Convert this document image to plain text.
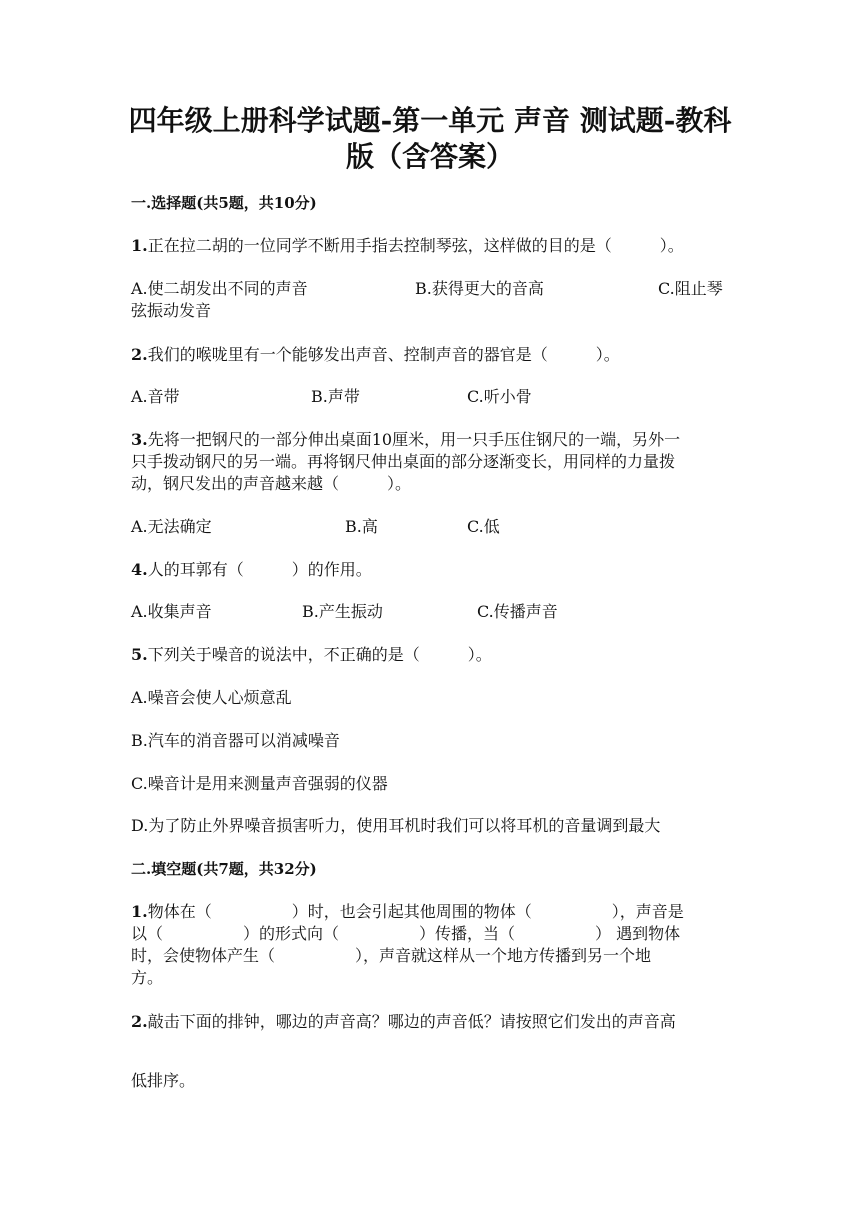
四年级上册科学试题-第一单元 声音 测试题-教科
版（含答案）
一.选择题(共5题，共10分)
1.正在拉二胡的一位同学不断用手指去控制琴弦，这样做的目的是（　　　）。
A.使二胡发出不同的声音	B.获得更大的音高	C.阻止琴
弦振动发音
2.我们的喉咙里有一个能够发出声音、控制声音的器官是（　　　）。
A.音带	B.声带	C.听小骨
3.先将一把钢尺的一部分伸出桌面10厘米，用一只手压住钢尺的一端，另外一
只手拨动钢尺的另一端。再将钢尺伸出桌面的部分逐渐变长，用同样的力量拨
动，钢尺发出的声音越来越（　　　）。
A.无法确定	B.高	C.低
4.人的耳郭有（　　　）的作用。
A.收集声音	B.产生振动	C.传播声音
5.下列关于噪音的说法中，不正确的是（　　　）。
A.噪音会使人心烦意乱
B.汽车的消音器可以消减噪音
C.噪音计是用来测量声音强弱的仪器
D.为了防止外界噪音损害听力，使用耳机时我们可以将耳机的音量调到最大
二.填空题(共7题，共32分)
1.物体在（　　　　　）时，也会引起其他周围的物体（　　　　　），声音是
以（　　　　　）的形式向（　　　　　）传播，当（　　　　　） 遇到物体
时，会使物体产生（　　　　　），声音就这样从一个地方传播到另一个地
方。
2.敲击下面的排钟，哪边的声音高？哪边的声音低？请按照它们发出的声音高
低排序。
